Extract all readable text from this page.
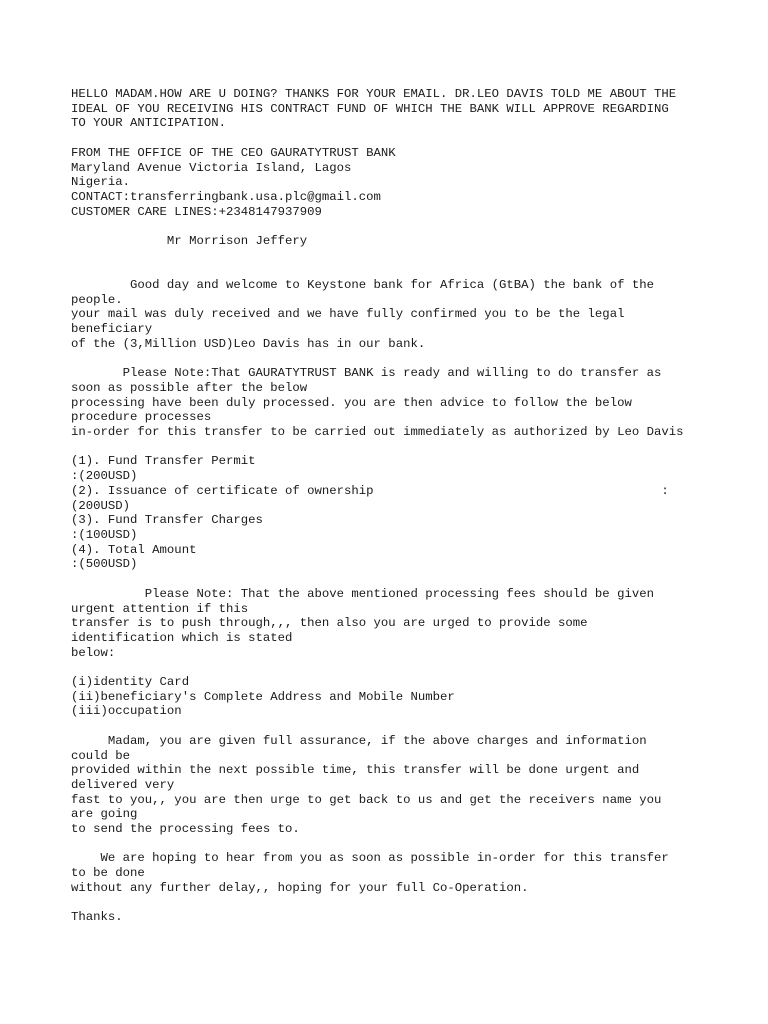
HELLO MADAM.HOW ARE U DOING? THANKS FOR YOUR EMAIL. DR.LEO DAVIS TOLD ME ABOUT THE
IDEAL OF YOU RECEIVING HIS CONTRACT FUND OF WHICH THE BANK WILL APPROVE REGARDING
TO YOUR ANTICIPATION.
FROM THE OFFICE OF THE CEO GAURATYTRUST BANK
Maryland Avenue Victoria Island, Lagos
Nigeria.
CONTACT:transferringbank.usa.plc@gmail.com
CUSTOMER CARE LINES:+2348147937909
Mr Morrison Jeffery
Good day and welcome to Keystone bank for Africa (GtBA) the bank of the
people.
your mail was duly received and we have fully confirmed you to be the legal
beneficiary
of the (3,Million USD)Leo Davis has in our bank.
Please Note:That GAURATYTRUST BANK is ready and willing to do transfer as
soon as possible after the below
processing have been duly processed. you are then advice to follow the below
procedure processes
in-order for this transfer to be carried out immediately as authorized by Leo Davis
(1). Fund Transfer Permit
:(200USD)
(2). Issuance of certificate of ownership                                       :
(200USD)
(3). Fund Transfer Charges
:(100USD)
(4). Total Amount
:(500USD)
Please Note: That the above mentioned processing fees should be given
urgent attention if this
transfer is to push through,,, then also you are urged to provide some
identification which is stated
below:
(i)identity Card
(ii)beneficiary's Complete Address and Mobile Number
(iii)occupation
Madam, you are given full assurance, if the above charges and information
could be
provided within the next possible time, this transfer will be done urgent and
delivered very
fast to you,, you are then urge to get back to us and get the receivers name you
are going
to send the processing fees to.
We are hoping to hear from you as soon as possible in-order for this transfer
to be done
without any further delay,, hoping for your full Co-Operation.
Thanks.
